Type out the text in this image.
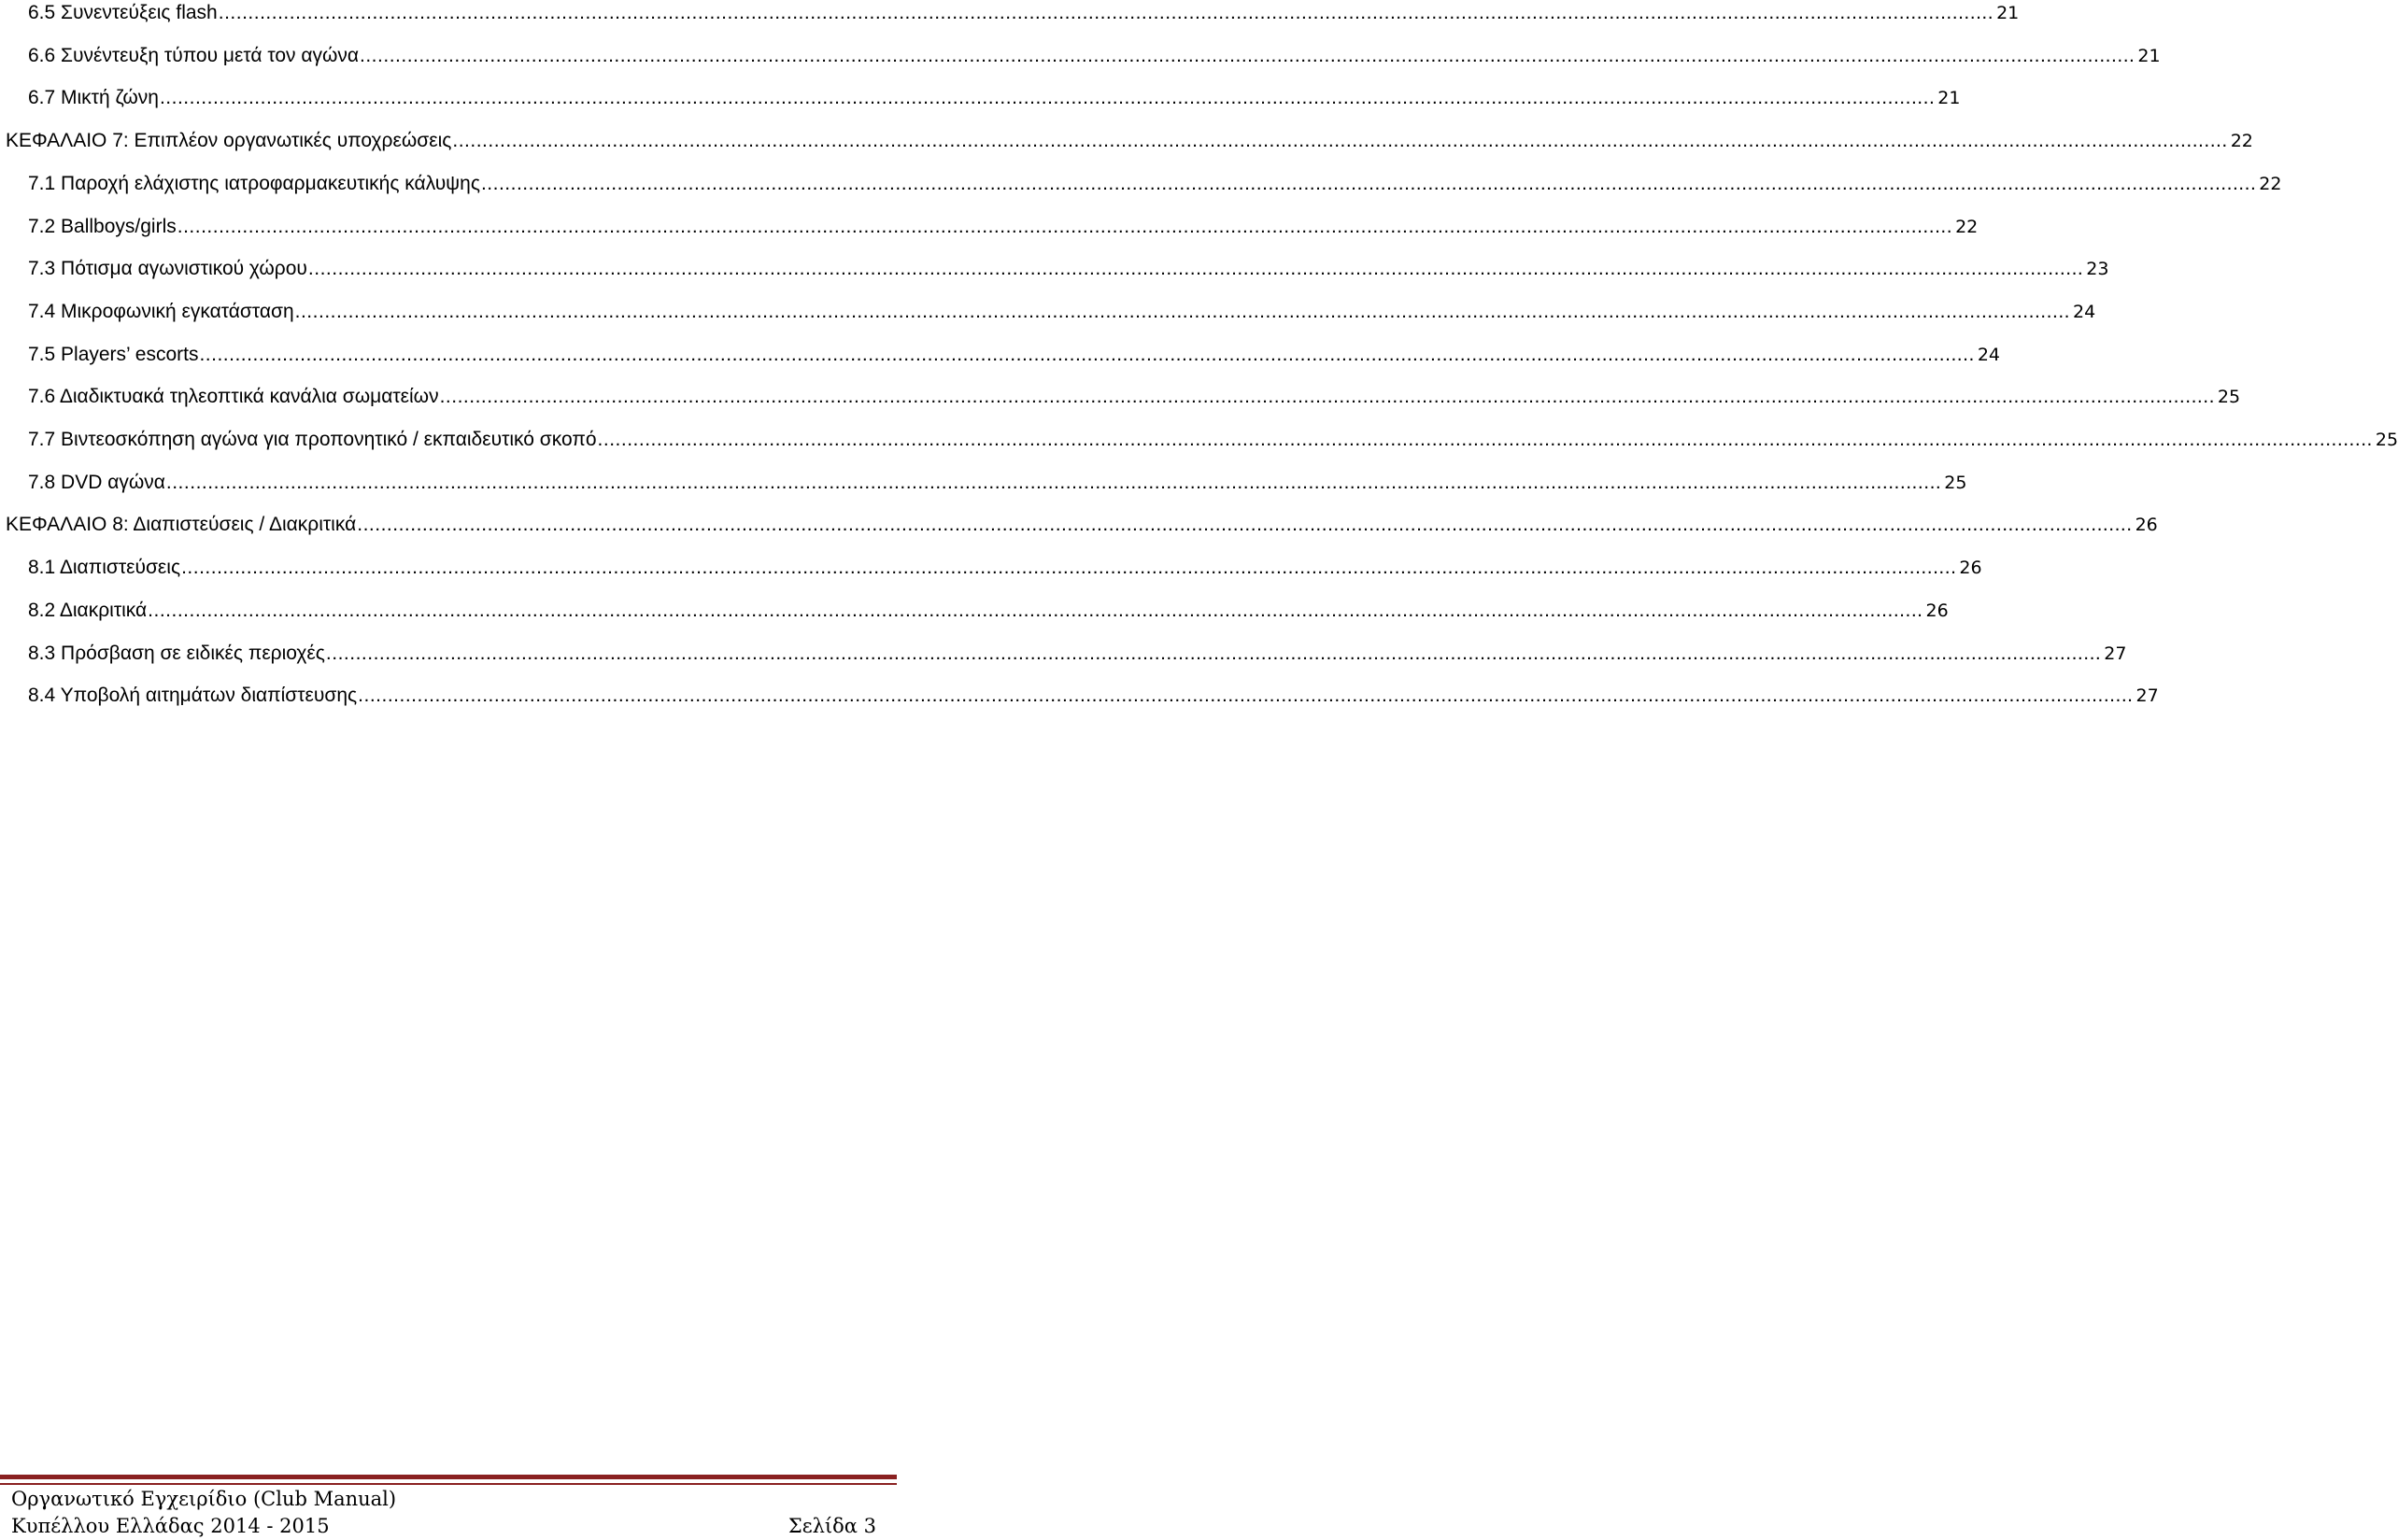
6.5 Συνεντεύξεις flash ............................................................................................................................................................................................................................................................................................................ 21
6.6 Συνέντευξη τύπου μετά τον αγώνα ............................................................................................................................................................................................................................................................................................................ 21
6.7 Μικτή ζώνη ............................................................................................................................................................................................................................................................................................................ 21
ΚΕΦΑΛΑΙΟ 7: Επιπλέον οργανωτικές υποχρεώσεις ............................................................................................................................................................................................................................................................................................................ 22
7.1 Παροχή ελάχιστης ιατροφαρμακευτικής κάλυψης ............................................................................................................................................................................................................................................................................................................ 22
7.2 Ballboys/girls ............................................................................................................................................................................................................................................................................................................ 22
7.3 Πότισμα αγωνιστικού χώρου ............................................................................................................................................................................................................................................................................................................ 23
7.4 Μικροφωνική εγκατάσταση ............................................................................................................................................................................................................................................................................................................ 24
7.5 Players’ escorts ............................................................................................................................................................................................................................................................................................................ 24
7.6 Διαδικτυακά τηλεοπτικά κανάλια σωματείων ............................................................................................................................................................................................................................................................................................................ 25
7.7 Βιντεοσκόπηση αγώνα για προπονητικό / εκπαιδευτικό σκοπό ............................................................................................................................................................................................................................................................................................................ 25
7.8 DVD αγώνα ............................................................................................................................................................................................................................................................................................................ 25
ΚΕΦΑΛΑΙΟ 8: Διαπιστεύσεις / Διακριτικά ............................................................................................................................................................................................................................................................................................................ 26
8.1 Διαπιστεύσεις ............................................................................................................................................................................................................................................................................................................ 26
8.2 Διακριτικά ............................................................................................................................................................................................................................................................................................................ 26
8.3 Πρόσβαση σε ειδικές περιοχές ............................................................................................................................................................................................................................................................................................................ 27
8.4 Υποβολή αιτημάτων διαπίστευσης ............................................................................................................................................................................................................................................................................................................ 27
Οργανωτικό Εγχειρίδιο (Club Manual)
Κυπέλλου Ελλάδας 2014 - 2015	Σελίδα 3
